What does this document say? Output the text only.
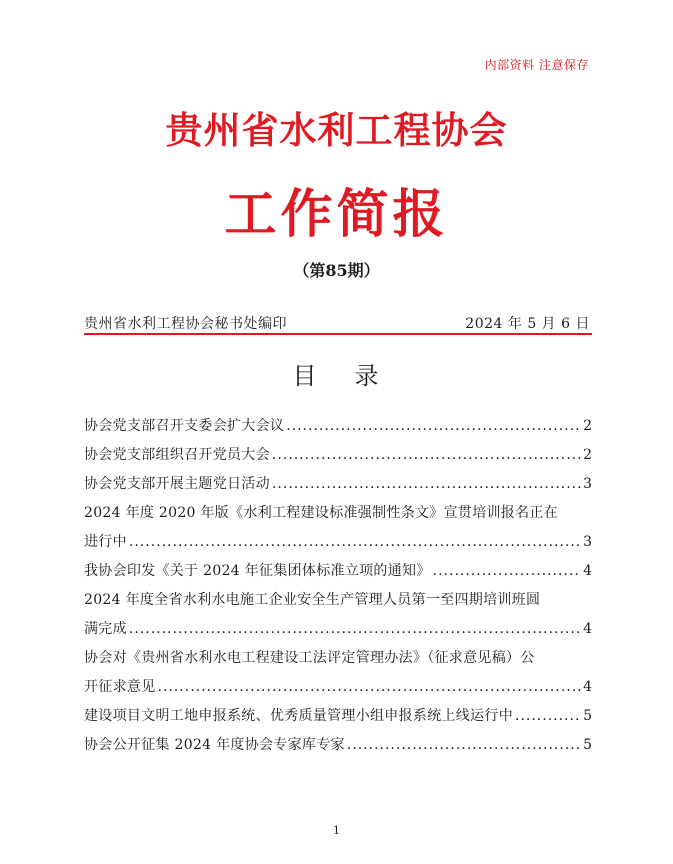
内部资料 注意保存
贵州省水利工程协会
工作简报
（第85期）
贵州省水利工程协会秘书处编印	2024 年 5 月 6 日
目 录
协会党支部召开支委会扩大会议 .....	2
协会党支部组织召开党员大会 .....	2
协会党支部开展主题党日活动 .....	3
2024 年度 2020 年版《水利工程建设标准强制性条文》宣贯培训报名正在
进行中 .....	3
我协会印发《关于 2024 年征集团体标准立项的通知》 .....	4
2024 年度全省水利水电施工企业安全生产管理人员第一至四期培训班圆
满完成 .....	4
协会对《贵州省水利水电工程建设工法评定管理办法》（征求意见稿）公
开征求意见 .....	4
建设项目文明工地申报系统、优秀质量管理小组申报系统上线运行中 .....	5
协会公开征集 2024 年度协会专家库专家 .....	5
1
